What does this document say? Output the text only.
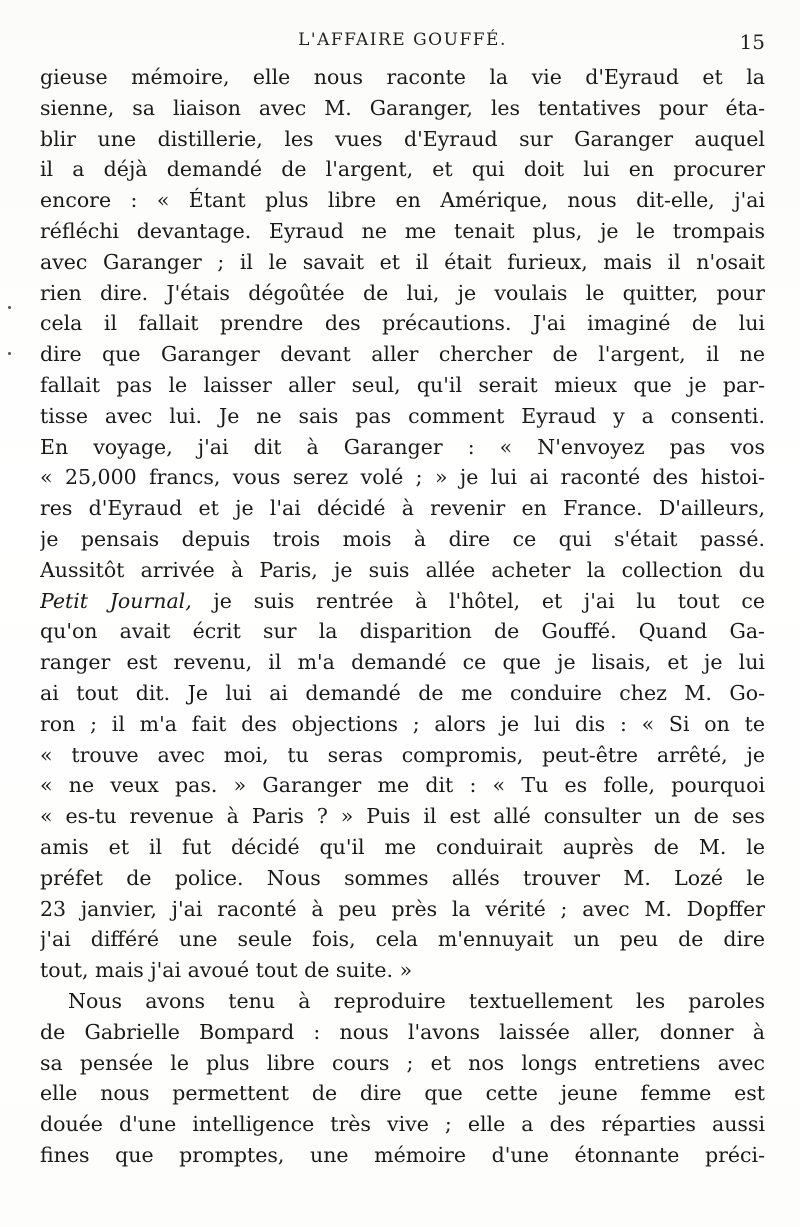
L'AFFAIRE GOUFFÉ.	15
gieuse mémoire, elle nous raconte la vie d'Eyraud et la
sienne, sa liaison avec M. Garanger, les tentatives pour éta-
blir une distillerie, les vues d'Eyraud sur Garanger auquel
il a déjà demandé de l'argent, et qui doit lui en procurer
encore : « Étant plus libre en Amérique, nous dit-elle, j'ai
réfléchi devantage. Eyraud ne me tenait plus, je le trompais
avec Garanger ; il le savait et il était furieux, mais il n'osait
rien dire. J'étais dégoûtée de lui, je voulais le quitter, pour
cela il fallait prendre des précautions. J'ai imaginé de lui
dire que Garanger devant aller chercher de l'argent, il ne
fallait pas le laisser aller seul, qu'il serait mieux que je par-
tisse avec lui. Je ne sais pas comment Eyraud y a consenti.
En voyage, j'ai dit à Garanger : « N'envoyez pas vos
« 25,000 francs, vous serez volé ; » je lui ai raconté des histoi-
res d'Eyraud et je l'ai décidé à revenir en France. D'ailleurs,
je pensais depuis trois mois à dire ce qui s'était passé.
Aussitôt arrivée à Paris, je suis allée acheter la collection du
Petit Journal, je suis rentrée à l'hôtel, et j'ai lu tout ce
qu'on avait écrit sur la disparition de Gouffé. Quand Ga-
ranger est revenu, il m'a demandé ce que je lisais, et je lui
ai tout dit. Je lui ai demandé de me conduire chez M. Go-
ron ; il m'a fait des objections ; alors je lui dis : « Si on te
« trouve avec moi, tu seras compromis, peut-être arrêté, je
« ne veux pas. » Garanger me dit : « Tu es folle, pourquoi
« es-tu revenue à Paris ? » Puis il est allé consulter un de ses
amis et il fut décidé qu'il me conduirait auprès de M. le
préfet de police. Nous sommes allés trouver M. Lozé le
23 janvier, j'ai raconté à peu près la vérité ; avec M. Dopffer
j'ai différé une seule fois, cela m'ennuyait un peu de dire
tout, mais j'ai avoué tout de suite. »
Nous avons tenu à reproduire textuellement les paroles
de Gabrielle Bompard : nous l'avons laissée aller, donner à
sa pensée le plus libre cours ; et nos longs entretiens avec
elle nous permettent de dire que cette jeune femme est
douée d'une intelligence très vive ; elle a des réparties aussi
fines que promptes, une mémoire d'une étonnante préci-
